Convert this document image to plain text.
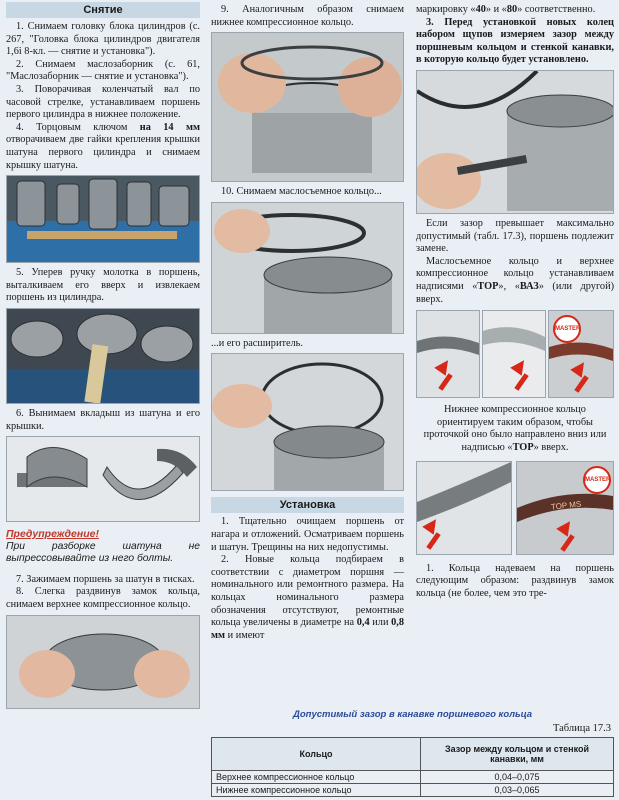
Снятие

1. Снимаем головку блока цилиндров (с. 267, "Головка блока цилиндров двигателя 1,6i 8-кл. — снятие и установка").

2. Снимаем маслозаборник (с. 61, "Маслозаборник — снятие и установка").

3. Поворачивая коленчатый вал по часовой стрелке, устанавливаем поршень первого цилиндра в нижнее положение.

4. Торцовым ключом на 14 мм отворачиваем две гайки крепления крышки шатуна первого цилиндра и снимаем крышку шатуна.

5. Уперев ручку молотка в поршень, выталкиваем его вверх и извлекаем поршень из цилиндра.

6. Вынимаем вкладыш из шатуна и его крышки.

Предупреждение!

При разборке шатуна не выпрессовывайте из него болты.

7. Зажимаем поршень за шатун в тисках.

8. Слегка раздвинув замок кольца, снимаем верхнее компрессионное кольцо.

9. Аналогичным образом снимаем нижнее компрессионное кольцо.

10. Снимаем маслосъемное кольцо...

...и его расширитель.

Установка

1. Тщательно очищаем поршень от нагара и отложений. Осматриваем поршень и шатун. Трещины на них недопустимы.

2. Новые кольца подбираем в соответствии с диаметром поршня — номинального или ремонтного размера. На кольцах номинального размера обозначения отсутствуют, ремонтные кольца увеличены в диаметре на 0,4 или 0,8 мм и имеют

маркировку «40» и «80» соответственно.

3. Перед установкой новых колец набором щупов измеряем зазор между поршневым кольцом и стенкой канавки, в которую кольцо будет установлено.

Если зазор превышает максимально допустимый (табл. 17.3), поршень подлежит замене.

Маслосъемное кольцо и верхнее компрессионное кольцо устанавливаем надписями «ТОР», «ВАЗ» (или другой) вверх.

MASTER

Нижнее компрессионное кольцо ориентируем таким образом, чтобы проточкой оно было направлено вниз или надписью «ТОР» вверх.

MASTER
TOP MS

1. Кольца надеваем на поршень следующим образом: раздвинув замок кольца (не более, чем это тре-

Допустимый зазор в канавке поршневого кольца
Таблица 17.3
Кольцо	Зазор между кольцом и стенкой канавки, мм
Верхнее компрессионное кольцо	0,04–0,075
Нижнее компрессионное кольцо	0,03–0,065
